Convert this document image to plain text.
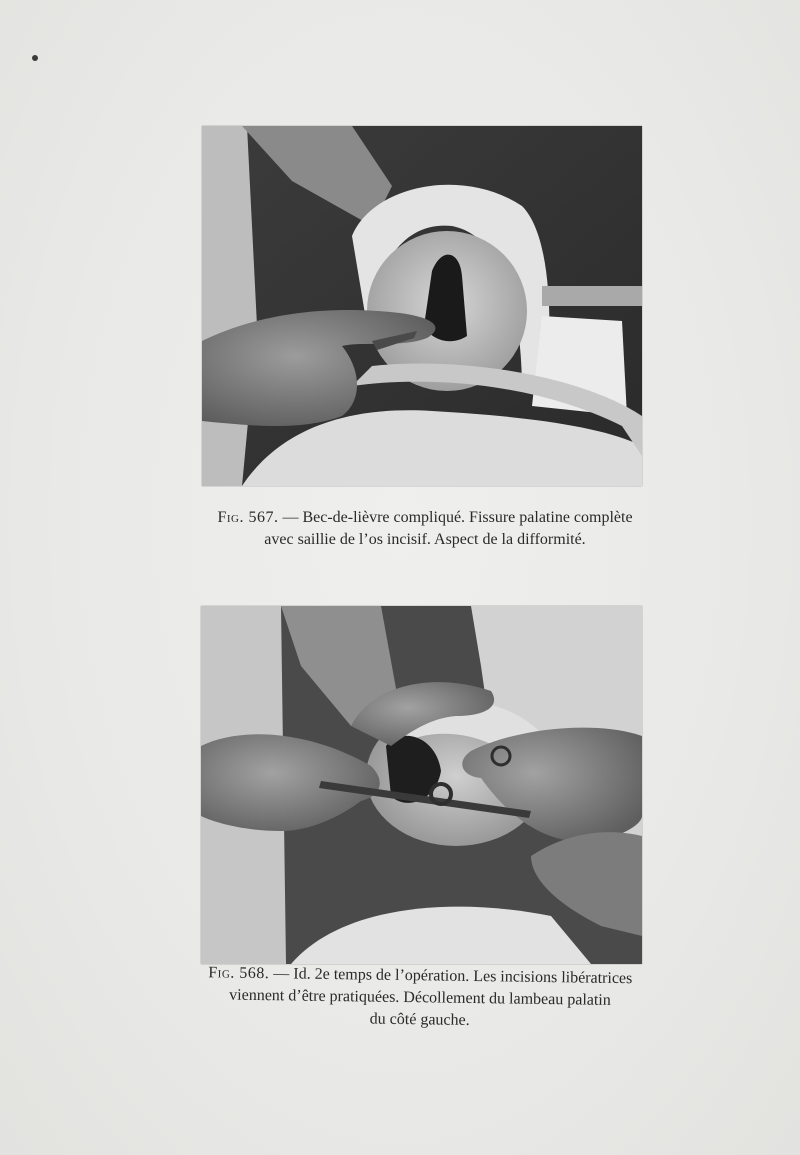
Fig. 567. — Bec-de-lièvre compliqué. Fissure palatine complète
avec saillie de l’os incisif. Aspect de la difformité.
Fig. 568. — Id. 2e temps de l’opération. Les incisions libératrices
viennent d’être pratiquées. Décollement du lambeau palatin
du côté gauche.
